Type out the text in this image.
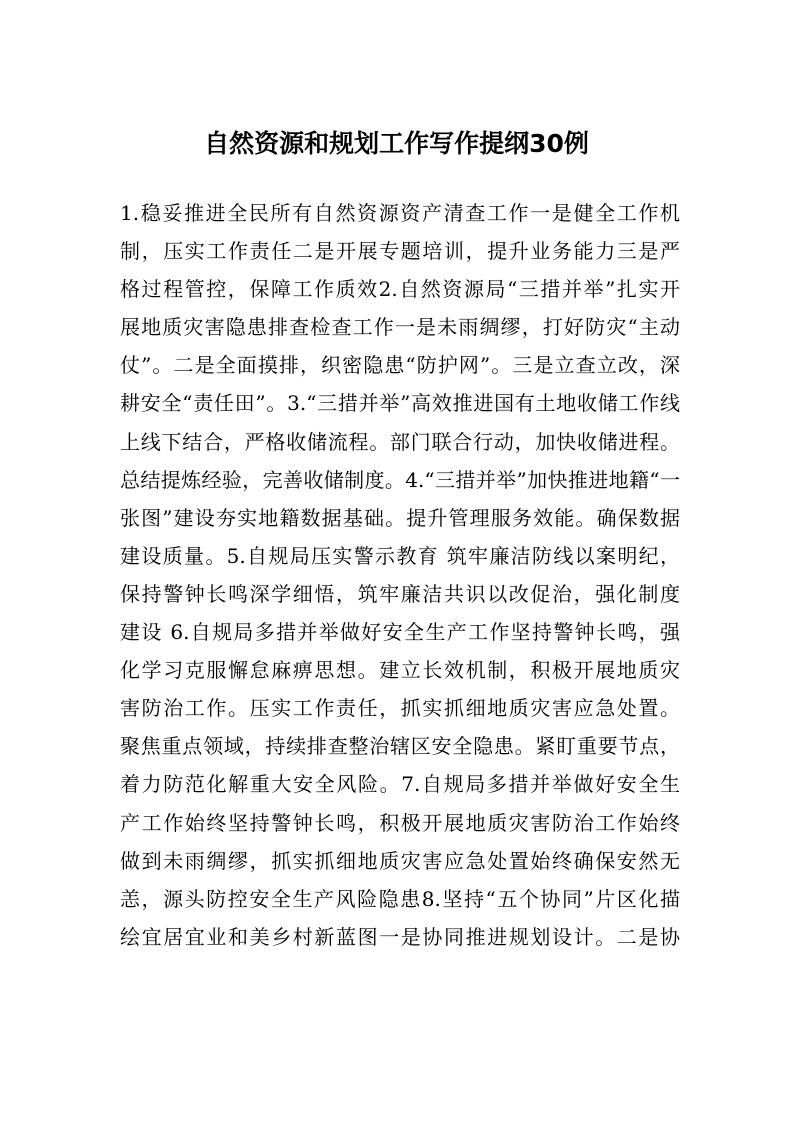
自然资源和规划工作写作提纲30例
1.稳妥推进全民所有自然资源资产清查工作一是健全工作机
制，压实工作责任二是开展专题培训，提升业务能力三是严
格过程管控，保障工作质效2.自然资源局“三措并举”扎实开
展地质灾害隐患排查检查工作一是未雨绸缪，打好防灾“主动
仗”。二是全面摸排，织密隐患“防护网”。三是立查立改，深
耕安全“责任田”。3.“三措并举”高效推进国有土地收储工作线
上线下结合，严格收储流程。部门联合行动，加快收储进程。
总结提炼经验，完善收储制度。4.“三措并举”加快推进地籍“一
张图”建设夯实地籍数据基础。提升管理服务效能。确保数据
建设质量。5.自规局压实警示教育 筑牢廉洁防线以案明纪，
保持警钟长鸣深学细悟，筑牢廉洁共识以改促治，强化制度
建设 6.自规局多措并举做好安全生产工作坚持警钟长鸣，强
化学习克服懈怠麻痹思想。建立长效机制，积极开展地质灾
害防治工作。压实工作责任，抓实抓细地质灾害应急处置。
聚焦重点领域，持续排查整治辖区安全隐患。紧盯重要节点，
着力防范化解重大安全风险。7.自规局多措并举做好安全生
产工作始终坚持警钟长鸣，积极开展地质灾害防治工作始终
做到未雨绸缪，抓实抓细地质灾害应急处置始终确保安然无
恙，源头防控安全生产风险隐患8.坚持“五个协同”片区化描
绘宜居宜业和美乡村新蓝图一是协同推进规划设计。二是协
